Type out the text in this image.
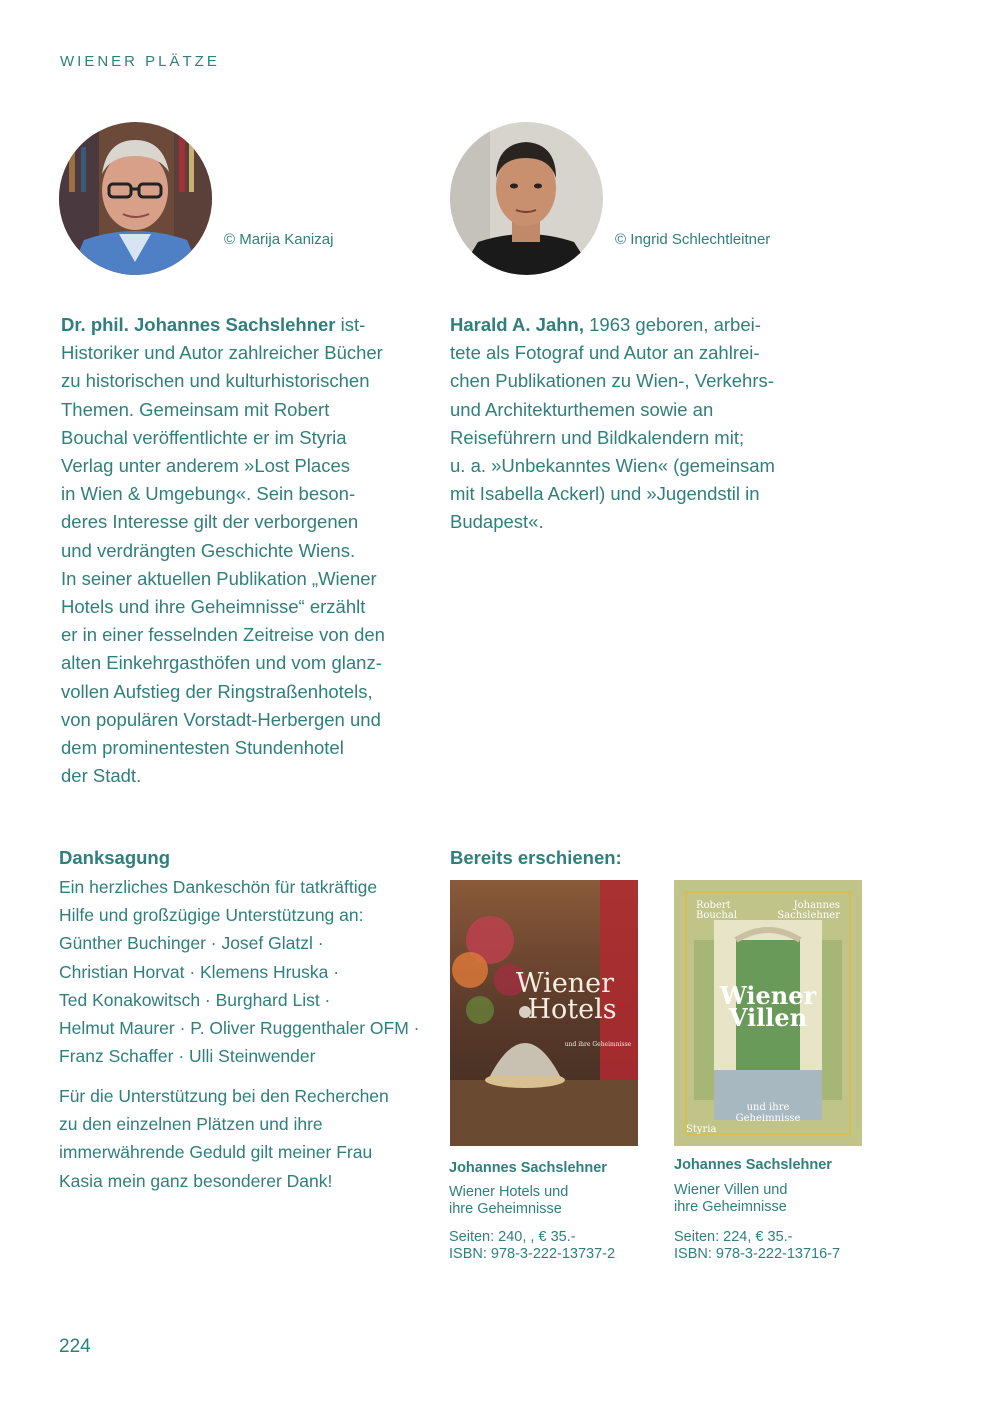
WIENER PLÄTZE
© Marija Kanizaj	© Ingrid Schlechtleitner
Dr. phil. Johannes Sachslehner ist-
Historiker und Autor zahlreicher Bücher
zu historischen und kulturhistorischen
Themen. Gemeinsam mit Robert
Bouchal veröffentlichte er im Styria
Verlag unter anderem »Lost Places
in Wien & Umgebung«. Sein beson-
deres Interesse gilt der verborgenen
und verdrängten Geschichte Wiens.
In seiner aktuellen Publikation „Wiener
Hotels und ihre Geheimnisse“ erzählt
er in einer fesselnden Zeitreise von den
alten Einkehrgasthöfen und vom glanz-
vollen Aufstieg der Ringstraßenhotels,
von populären Vorstadt-Herbergen und
dem prominentesten Stundenhotel
der Stadt.
Harald A. Jahn, 1963 geboren, arbei-
tete als Fotograf und Autor an zahlrei-
chen Publikationen zu Wien-, Verkehrs-
und Architekturthemen sowie an
Reiseführern und Bildkalendern mit;
u. a. »Unbekanntes Wien« (gemeinsam
mit Isabella Ackerl) und »Jugendstil in
Budapest«.
Danksagung
Ein herzliches Dankeschön für tatkräftige
Hilfe und großzügige Unterstützung an:
Günther Buchinger · Josef Glatzl ·
Christian Horvat · Klemens Hruska ·
Ted Konakowitsch · Burghard List ·
Helmut Maurer · P. Oliver Ruggenthaler OFM ·
Franz Schaffer · Ulli Steinwender
Für die Unterstützung bei den Recherchen
zu den einzelnen Plätzen und ihre
immerwährende Geduld gilt meiner Frau
Kasia mein ganz besonderer Dank!
Bereits erschienen:
Wiener
Hotels
und ihre Geheimnisse
Robert
Bouchal
Johannes
Sachslehner
Wiener
Villen
und ihre
Geheimnisse
Styria
Johannes Sachslehner
Wiener Hotels und
ihre Geheimnisse
Seiten: 240, , € 35.-
ISBN: 978-3-222-13737-2
Johannes Sachslehner
Wiener Villen und
ihre Geheimnisse
Seiten: 224, € 35.-
ISBN: 978-3-222-13716-7
224
